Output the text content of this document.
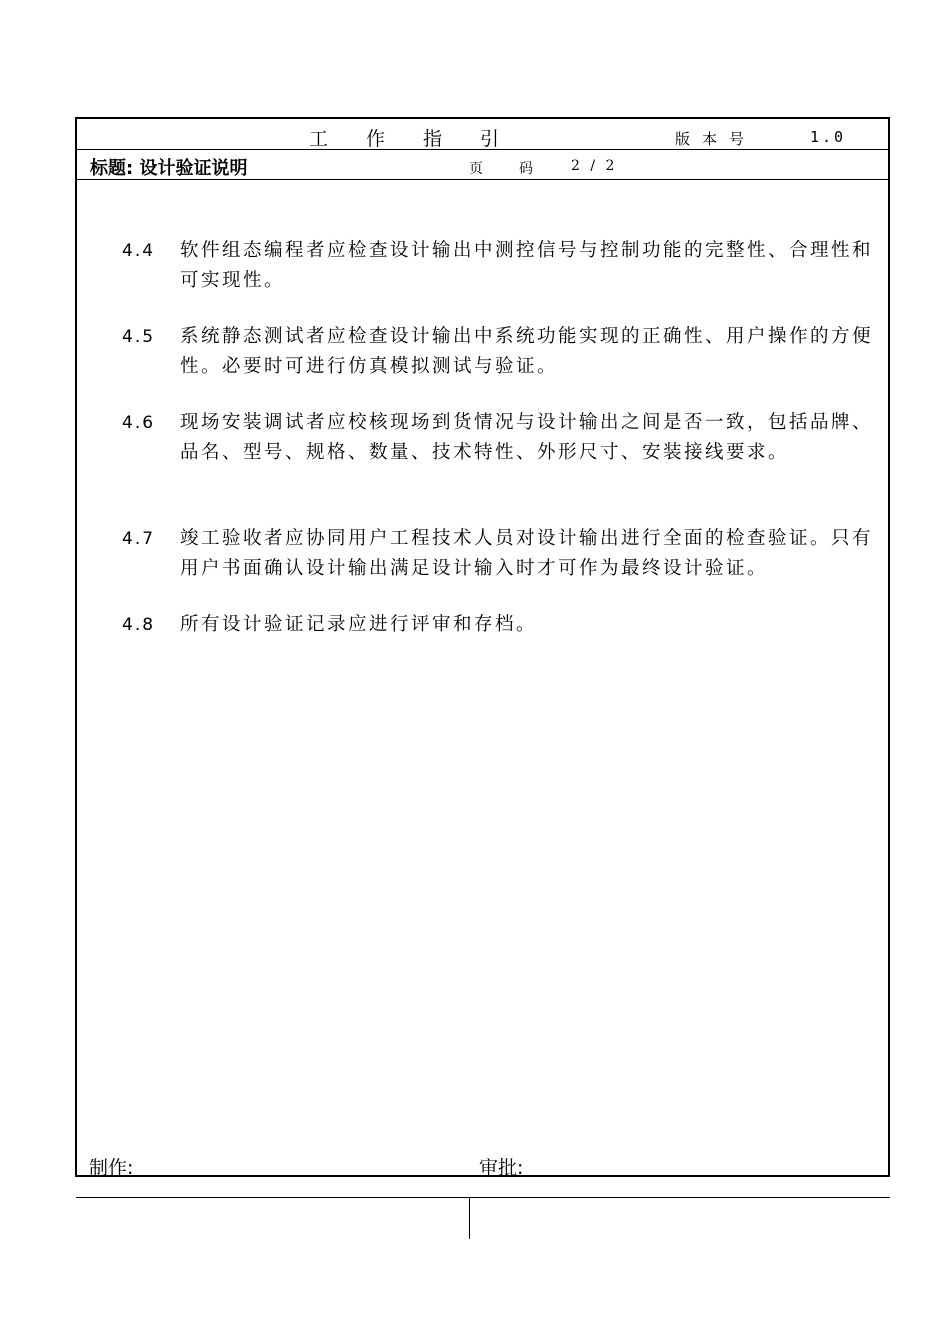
工作指引	版本号	1.0
标题: 设计验证说明	页码 2 / 2
4.4 软件组态编程者应检查设计输出中测控信号与控制功能的完整性、合理性和可实现性。
4.5 系统静态测试者应检查设计输出中系统功能实现的正确性、用户操作的方便性。必要时可进行仿真模拟测试与验证。
4.6 现场安装调试者应校核现场到货情况与设计输出之间是否一致，包括品牌、品名、型号、规格、数量、技术特性、外形尺寸、安装接线要求。
4.7 竣工验收者应协同用户工程技术人员对设计输出进行全面的检查验证。只有用户书面确认设计输出满足设计输入时才可作为最终设计验证。
4.8 所有设计验证记录应进行评审和存档。
制作:	审批:
